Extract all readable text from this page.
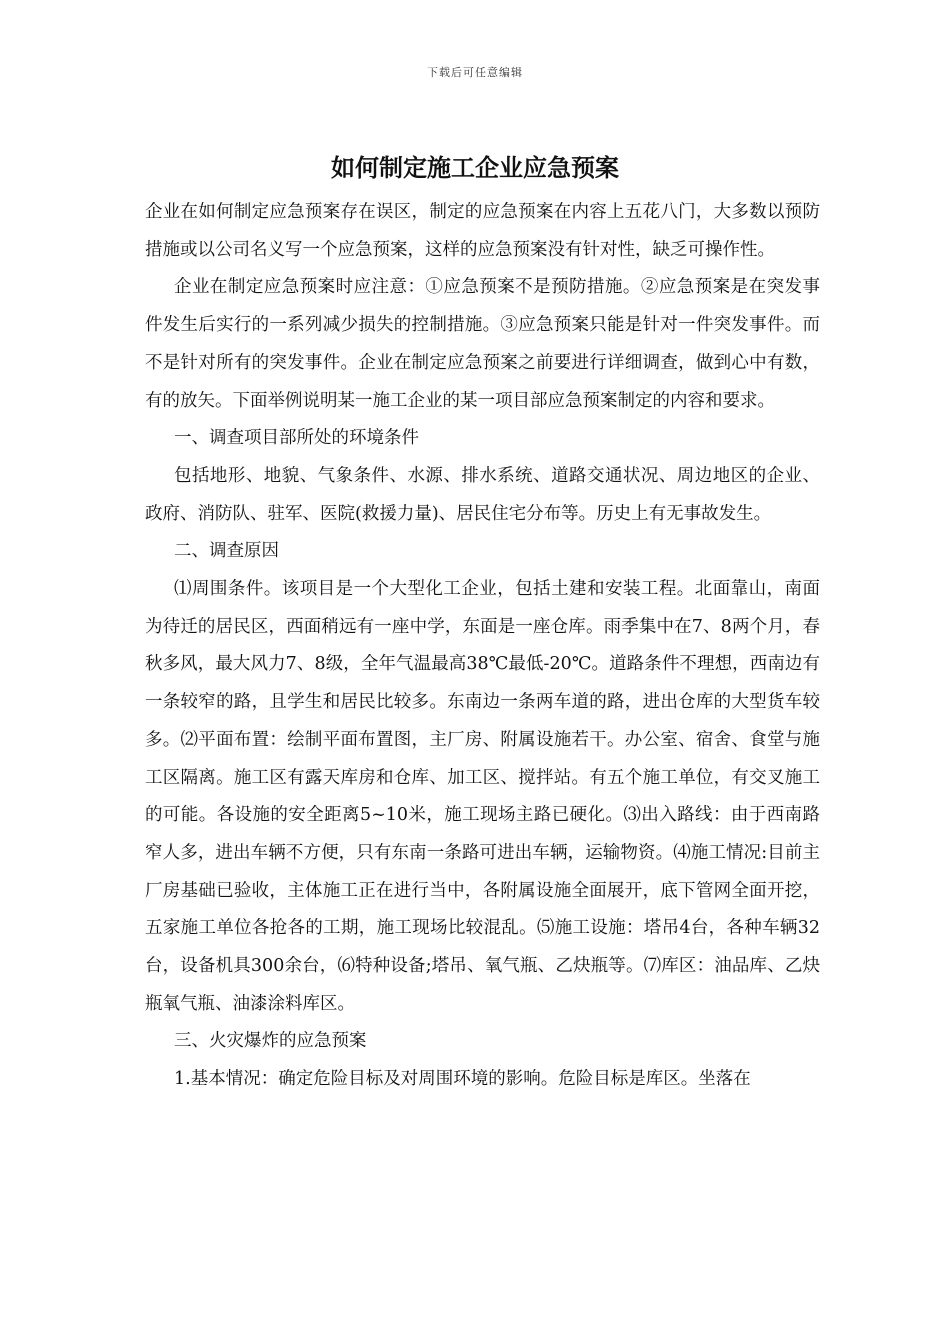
下载后可任意编辑
如何制定施工企业应急预案

企业在如何制定应急预案存在误区，制定的应急预案在内容上五花八门，大多数以预防措施或以公司名义写一个应急预案，这样的应急预案没有针对性，缺乏可操作性。

企业在制定应急预案时应注意：①应急预案不是预防措施。②应急预案是在突发事件发生后实行的一系列减少损失的控制措施。③应急预案只能是针对一件突发事件。而不是针对所有的突发事件。企业在制定应急预案之前要进行详细调查，做到心中有数，有的放矢。下面举例说明某一施工企业的某一项目部应急预案制定的内容和要求。

一、调查项目部所处的环境条件

包括地形、地貌、气象条件、水源、排水系统、道路交通状况、周边地区的企业、政府、消防队、驻军、医院(救援力量)、居民住宅分布等。历史上有无事故发生。

二、调查原因

⑴周围条件。该项目是一个大型化工企业，包括土建和安装工程。北面靠山，南面为待迁的居民区，西面稍远有一座中学，东面是一座仓库。雨季集中在7、8两个月，春秋多风，最大风力7、8级，全年气温最高38℃最低-20℃。道路条件不理想，西南边有一条较窄的路，且学生和居民比较多。东南边一条两车道的路，进出仓库的大型货车较多。⑵平面布置：绘制平面布置图，主厂房、附属设施若干。办公室、宿舍、食堂与施工区隔离。施工区有露天库房和仓库、加工区、搅拌站。有五个施工单位，有交叉施工的可能。各设施的安全距离5~10米，施工现场主路已硬化。⑶出入路线：由于西南路窄人多，进出车辆不方便，只有东南一条路可进出车辆，运输物资。⑷施工情况:目前主厂房基础已验收，主体施工正在进行当中，各附属设施全面展开，底下管网全面开挖，五家施工单位各抢各的工期，施工现场比较混乱。⑸施工设施：塔吊4台，各种车辆32台，设备机具300余台，⑹特种设备;塔吊、氧气瓶、乙炔瓶等。⑺库区：油品库、乙炔瓶氧气瓶、油漆涂料库区。

三、火灾爆炸的应急预案

1.基本情况：确定危险目标及对周围环境的影响。危险目标是库区。坐落在
